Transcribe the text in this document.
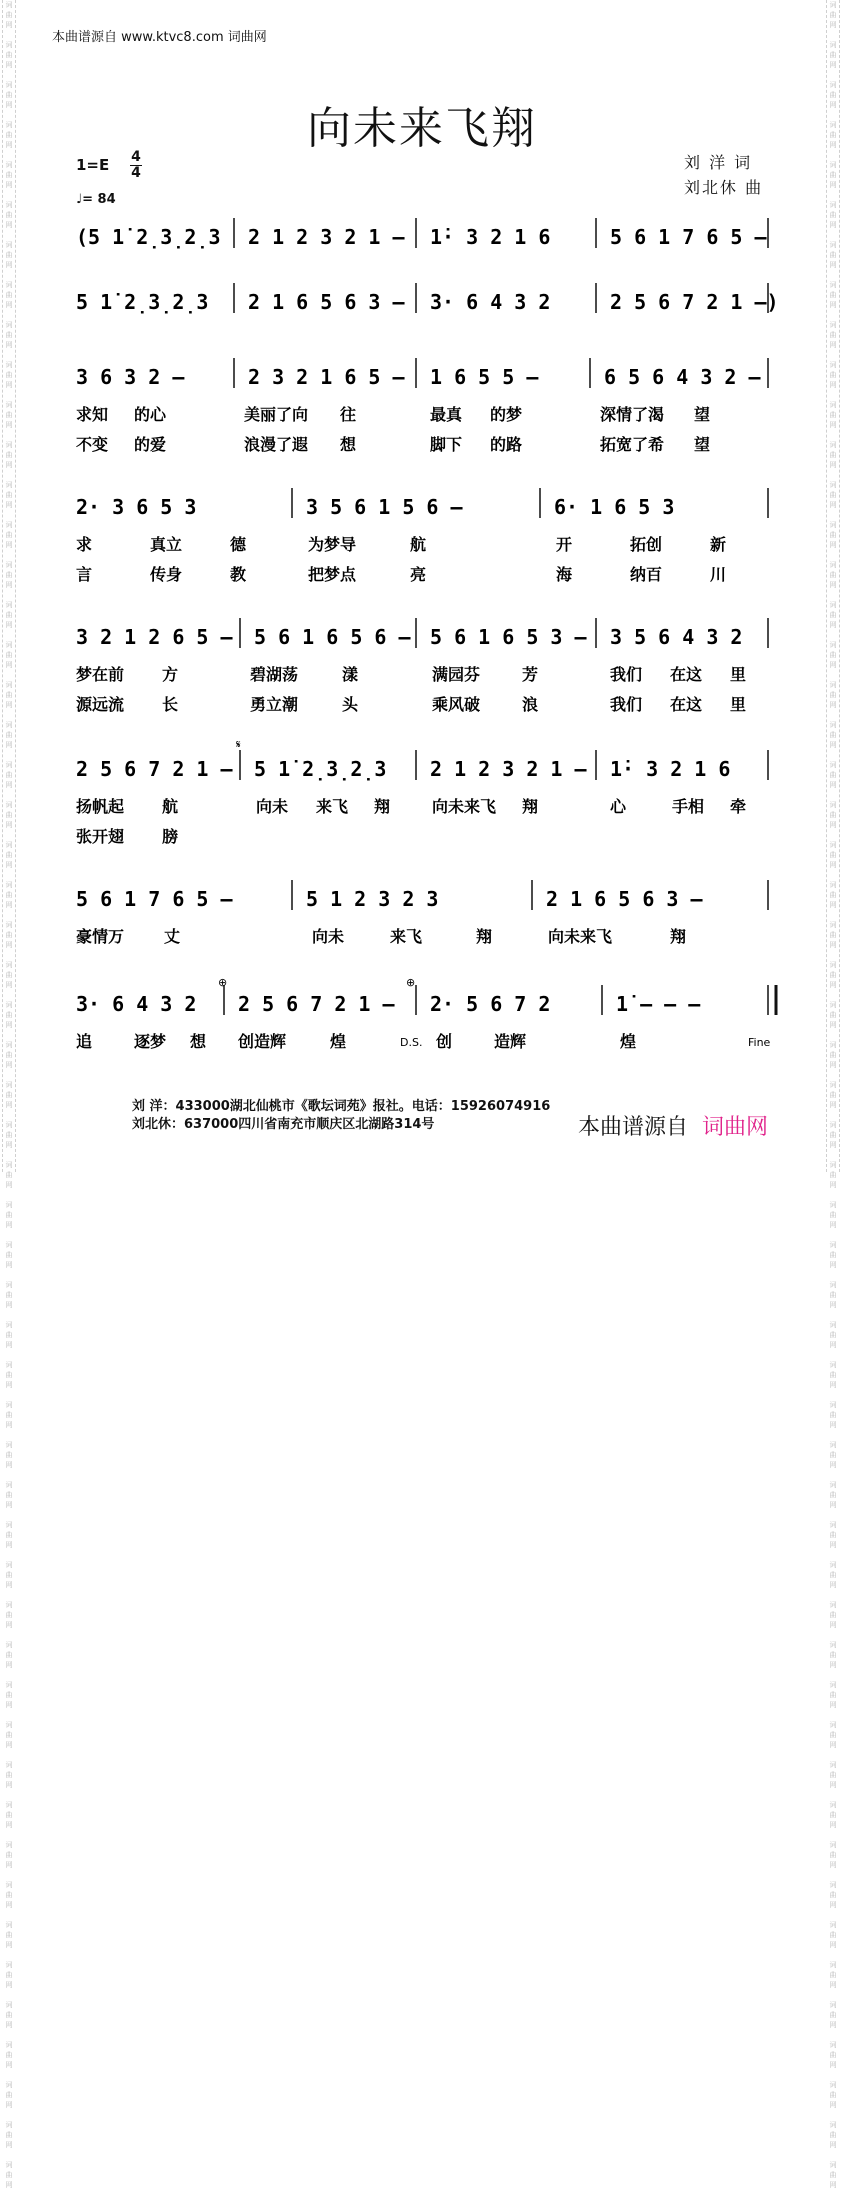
本曲谱源自 www.ktvc8.com 词曲网
词
曲
网

词
曲
网

词
曲
网

词
曲
网

词
曲
网

词
曲
网

词
曲
网

词
曲
网

词
曲
网

词
曲
网

词
曲
网

词
曲
网

词
曲
网

词
曲
网

词
曲
网

词
曲
网

词
曲
网

词
曲
网

词
曲
网

词
曲
网

词
曲
网

词
曲
网

词
曲
网

词
曲
网

词
曲
网

词
曲
网

词
曲
网

词
曲
网

词
曲
网

词
曲
网

词
曲
网

词
曲
网

词
曲
网

词
曲
网

词
曲
网

词
曲
网

词
曲
网

词
曲
网

词
曲
网

词
曲
网

词
曲
网

词
曲
网

词
曲
网

词
曲
网

词
曲
网

词
曲
网

词
曲
网

词
曲
网

词
曲
网

词
曲
网

词
曲
网

词
曲
网

词
曲
网

词
曲
网

词
曲
网

词
曲
网

词
曲
网

词
曲
网

词
曲
网

词
曲
网

词
曲
网

词
曲
网

词
曲
网

词
曲
网

词
曲
网

词
曲
网

词
曲
网

词
曲
网

词
曲
网

词
曲
网

词
曲
网

词
曲
网

词
曲
网

词
曲
网

词
曲
网

词
曲
网

词
曲
网

词
曲
网

词
曲
网

词
曲
网

词
曲
网

词
曲
网

词
曲
网

词
曲
网

词
曲
网

词
曲
网

词
曲
网

词
曲
网

词
曲
网

词
曲
网

词
曲
网

词
曲
网

词
曲
网

词
曲
网

词
曲
网

词
曲
网

词
曲
网

词
曲
网

词
曲
网

词
曲
网

词
曲
网

词
曲
网

词
曲
网

词
曲
网

词
曲
网

词
曲
网

词
曲
网

词
曲
网

词
曲
网

词
曲
网

向未来飞翔
1=E 4
4
♩= 84
刘 洋 词
刘北休 曲
(5 1̇ 2̣3̣2̣3 2 1 2 3 2 1 – 1̇· 3 2 1 6	5 6 1 7 6 5 –
5 1̇ 2̣3̣2̣3 2 1 6 5 6 3 – 3· 6 4 3 2	2 5 6 7 2 1 –)
3 6 3 2 –	2 3 2 1 6 5 – 1 6 5 5 –	6 5 6 4 3 2 –
求知 的心	美丽了向 往	最真 的梦	深情了渴 望
不变 的爱	浪漫了遐 想	脚下 的路	拓宽了希 望
2· 3 6 5 3	3 5 6 1 5 6 –	6· 1 6 5 3
求	真立	德	为梦导	航	开	拓创	新
言	传身	教	把梦点	亮	海	纳百	川
3 2 1 2 6 5 – 5 6 1 6 5 6 – 5 6 1 6 5 3 – 3 5 6 4 3 2
梦在前 方	碧湖荡	漾	满园芬	芳	我们 在这 里
源远流 长	勇立潮	头	乘风破	浪	我们 在这 里
2 5 6 7 2 1 – 5 1̇ 2̣3̣2̣3 2 1 2 3 2 1 – 1̇· 3 2 1 6
扬帆起 航	向未 来飞 翔	向未来飞 翔	心	手相 牵
张开翅 膀
5 6 1 7 6 5 –	5 1 2 3 2 3	2 1 6 5 6 3 –
豪情万 丈	向未	来飞	翔	向未来飞	翔
3· 6 4 3 2 2 5 6 7 2 1 – 2· 5 6 7 2	1̇ – – –
追	逐梦 想 创造辉	煌	创	造辉	煌
𝄋
⊕	⊕
D.S.	Fine
刘 洋：433000湖北仙桃市《歌坛词苑》报社。电话：15926074916
刘北休：637000四川省南充市顺庆区北湖路314号	本曲谱源自 词曲网
